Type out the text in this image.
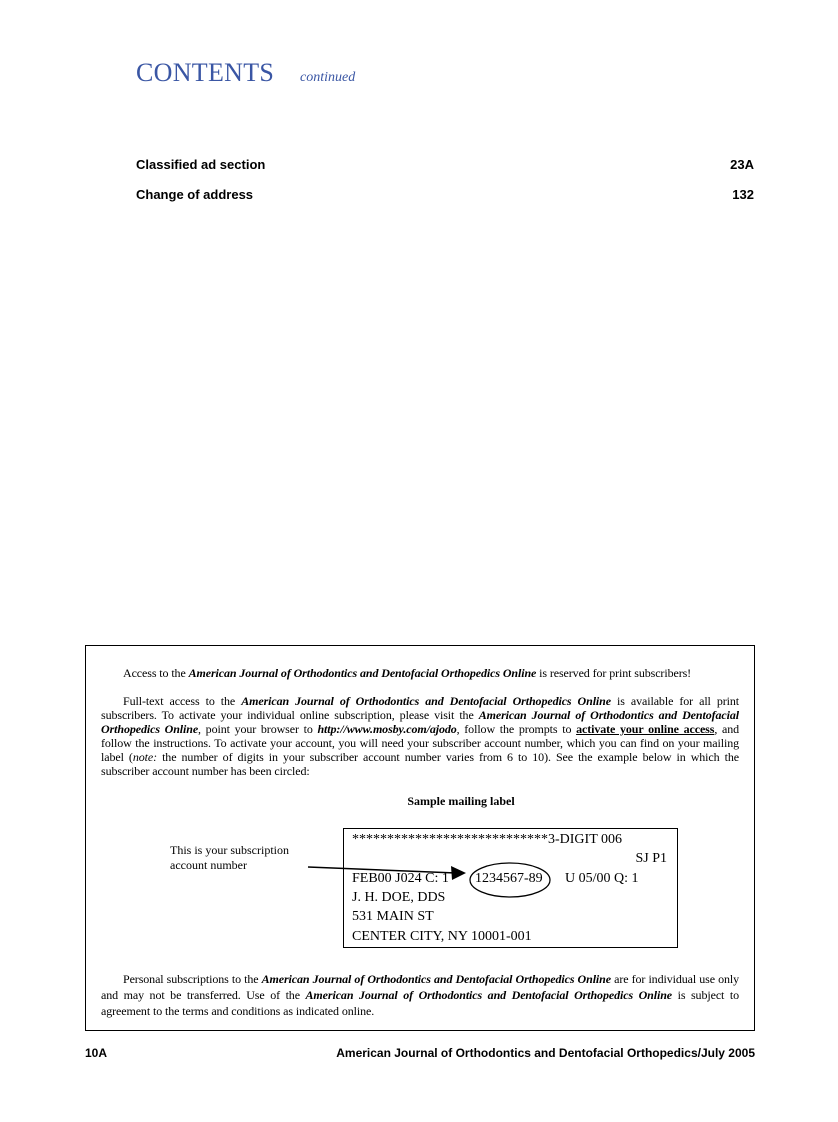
CONTENTS continued
Classified ad section	23A
Change of address	132
Access to the American Journal of Orthodontics and Dentofacial Orthopedics Online is reserved for print subscribers!
Full-text access to the American Journal of Orthodontics and Dentofacial Orthopedics Online is available for all print subscribers. To activate your individual online subscription, please visit the American Journal of Orthodontics and Dentofacial Orthopedics Online, point your browser to http://www.mosby.com/ajodo, follow the prompts to activate your online access, and follow the instructions. To activate your account, you will need your subscriber account number, which you can find on your mailing label (note: the number of digits in your subscriber account number varies from 6 to 10). See the example below in which the subscriber account number has been circled:
Sample mailing label
This is your subscription
account number
****************************3-DIGIT 006
SJ P1
FEB00 J024 C: 1 1234567-89 U 05/00 Q: 1
J. H. DOE, DDS
531 MAIN ST
CENTER CITY, NY 10001-001
Personal subscriptions to the American Journal of Orthodontics and Dentofacial Orthopedics Online are for individual use only and may not be transferred. Use of the American Journal of Orthodontics and Dentofacial Orthopedics Online is subject to agreement to the terms and conditions as indicated online.
10A	American Journal of Orthodontics and Dentofacial Orthopedics/July 2005
